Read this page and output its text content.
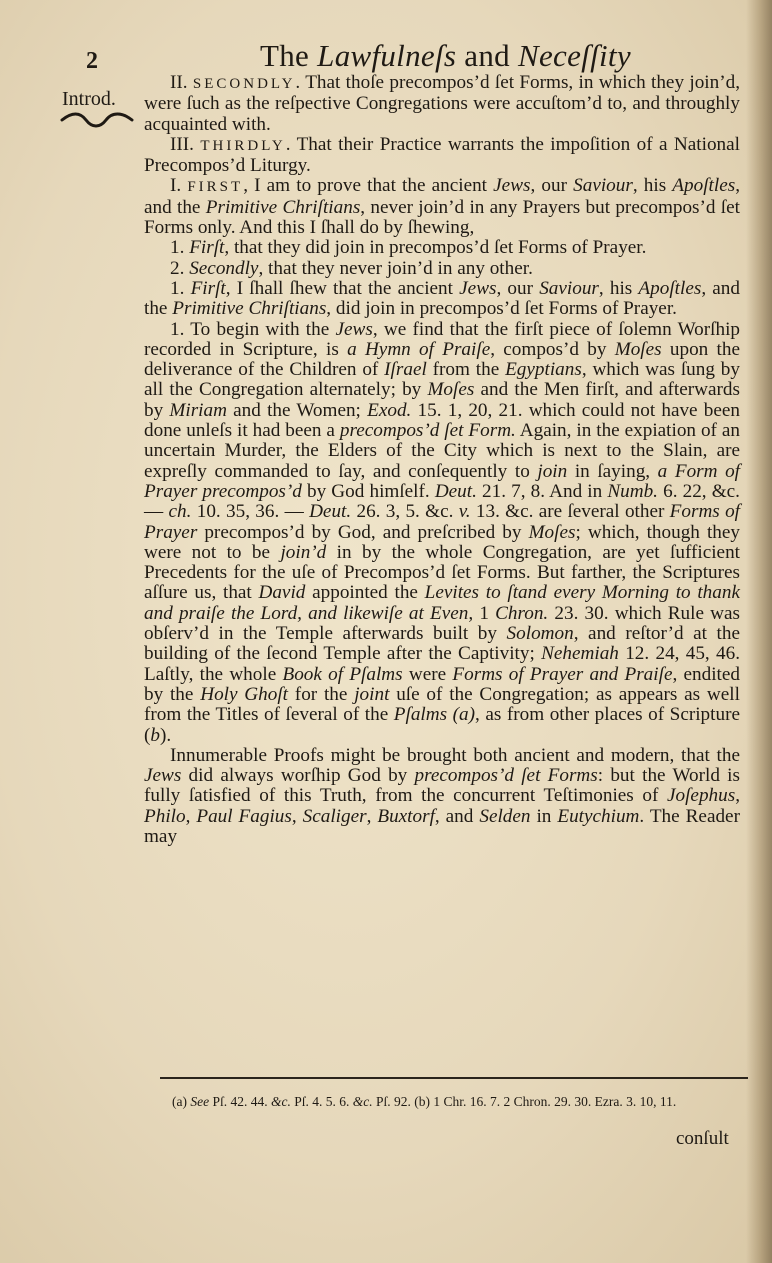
2	The Lawfulneſs and Neceſſity
Introd.

II. SECONDLY. That thoſe precompos’d ſet Forms, in which they join’d, were ſuch as the reſpective Congregations were accuſtom’d to, and throughly acquainted with.

III. THIRDLY. That their Practice warrants the impoſition of a National Precompos’d Liturgy.

I. FIRST, I am to prove that the ancient Jews, our Saviour, his Apoſtles, and the Primitive Chriſtians, never join’d in any Prayers but precompos’d ſet Forms only. And this I ſhall do by ſhewing,

1. Firſt, that they did join in precompos’d ſet Forms of Prayer.

2. Secondly, that they never join’d in any other.

1. Firſt, I ſhall ſhew that the ancient Jews, our Saviour, his Apoſtles, and the Primitive Chriſtians, did join in precompos’d ſet Forms of Prayer.

1. To begin with the Jews, we find that the firſt piece of ſolemn Worſhip recorded in Scripture, is a Hymn of Praiſe, compos’d by Moſes upon the deliverance of the Children of Iſrael from the Egyptians, which was ſung by all the Congregation alternately; by Moſes and the Men firſt, and afterwards by Miriam and the Women; Exod. 15. 1, 20, 21. which could not have been done unleſs it had been a precompos’d ſet Form. Again, in the expiation of an uncertain Murder, the Elders of the City which is next to the Slain, are expreſly commanded to ſay, and conſequently to join in ſaying, a Form of Prayer precompos’d by God himſelf. Deut. 21. 7, 8. And in Numb. 6. 22, &c. — ch. 10. 35, 36. — Deut. 26. 3, 5. &c. v. 13. &c. are ſeveral other Forms of Prayer precompos’d by God, and preſcribed by Moſes; which, though they were not to be join’d in by the whole Congregation, are yet ſufficient Precedents for the uſe of Precompos’d ſet Forms. But farther, the Scriptures aſſure us, that David appointed the Levites to ſtand every Morning to thank and praiſe the Lord, and likewiſe at Even, 1 Chron. 23. 30. which Rule was obſerv’d in the Temple afterwards built by Solomon, and reſtor’d at the building of the ſecond Temple after the Captivity; Nehemiah 12. 24, 45, 46. Laſtly, the whole Book of Pſalms were Forms of Prayer and Praiſe, endited by the Holy Ghoſt for the joint uſe of the Congregation; as appears as well from the Titles of ſeveral of the Pſalms (a), as from other places of Scripture (b).

Innumerable Proofs might be brought both ancient and modern, that the Jews did always worſhip God by precompos’d ſet Forms: but the World is fully ſatisfied of this Truth, from the concurrent Teſtimonies of Joſephus, Philo, Paul Fagius, Scaliger, Buxtorf, and Selden in Eutychium. The Reader may

(a) See Pſ. 42. 44. &c. Pſ. 4. 5. 6. &c. Pſ. 92. (b) 1 Chr. 16. 7. 2 Chron. 29. 30. Ezra. 3. 10, 11.
conſult
